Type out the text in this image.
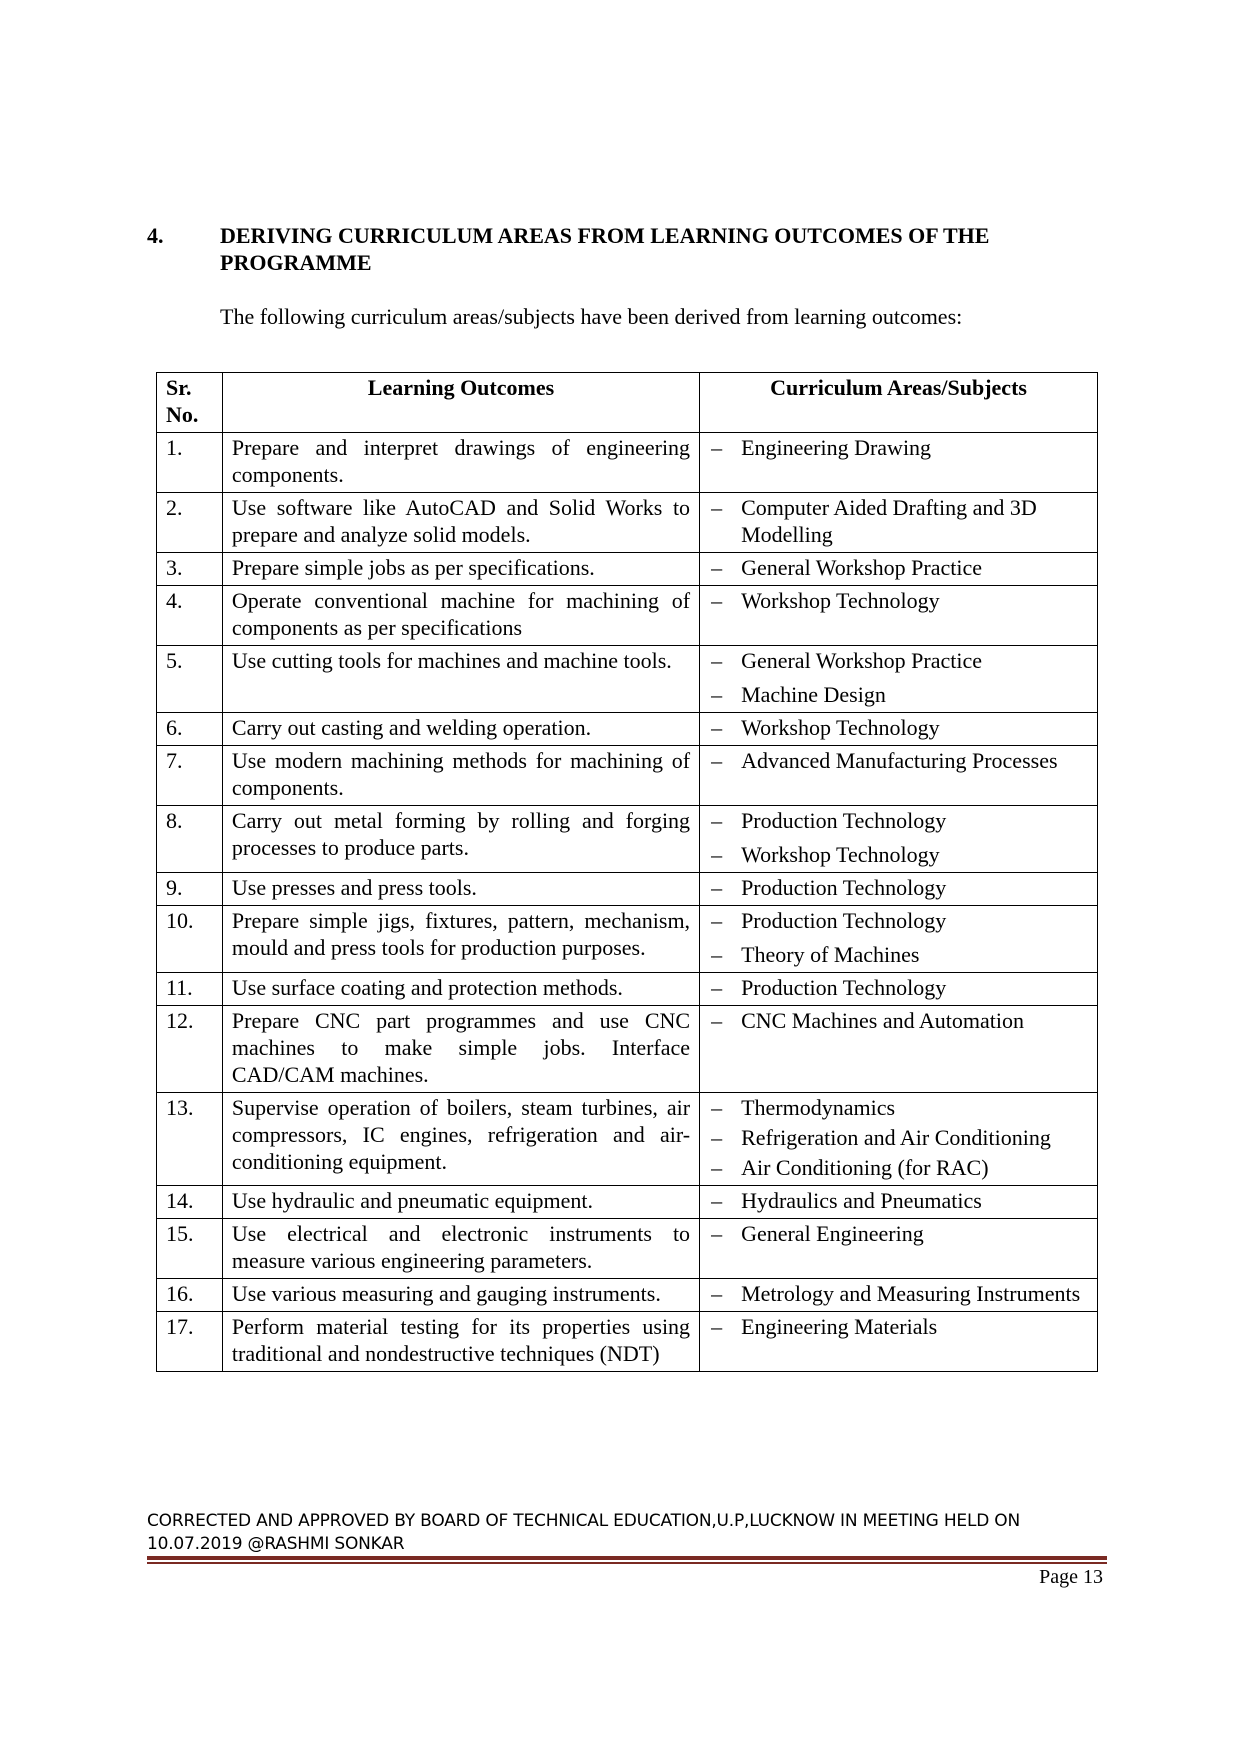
4.	DERIVING CURRICULUM AREAS FROM LEARNING OUTCOMES OF THE PROGRAMME
The following curriculum areas/subjects have been derived from learning outcomes:
Sr. No.	Learning Outcomes	Curriculum Areas/Subjects
1.	Prepare and interpret drawings of engineering components.	– Engineering Drawing

2.	Use software like AutoCAD and Solid Works to prepare and analyze solid models.	– Computer Aided Drafting and 3D Modelling

3.	Prepare simple jobs as per specifications.	– General Workshop Practice

4.	Operate conventional machine for machining of components as per specifications	– Workshop Technology

5.	Use cutting tools for machines and machine tools.	– General Workshop Practice
– Machine Design

6.	Carry out casting and welding operation.	– Workshop Technology

7.	Use modern machining methods for machining of components.	– Advanced Manufacturing Processes

8.	Carry out metal forming by rolling and forging processes to produce parts.	– Production Technology
– Workshop Technology

9.	Use presses and press tools.	– Production Technology

10.	Prepare simple jigs, fixtures, pattern, mechanism, mould and press tools for production purposes.	– Production Technology
– Theory of Machines

11.	Use surface coating and protection methods.	– Production Technology

12.	Prepare CNC part programmes and use CNC machines to make simple jobs. Interface CAD/CAM machines.	– CNC Machines and Automation

13.	Supervise operation of boilers, steam turbines, air compressors, IC engines, refrigeration and air-conditioning equipment.	– Thermodynamics
– Refrigeration and Air Conditioning
– Air Conditioning (for RAC)

14.	Use hydraulic and pneumatic equipment.	– Hydraulics and Pneumatics

15.	Use electrical and electronic instruments to measure various engineering parameters.	– General Engineering

16.	Use various measuring and gauging instruments.	– Metrology and Measuring Instruments

17.	Perform material testing for its properties using traditional and nondestructive techniques (NDT)	– Engineering Materials
CORRECTED AND APPROVED BY BOARD OF TECHNICAL EDUCATION,U.P,LUCKNOW IN MEETING HELD ON 10.07.2019 @RASHMI SONKAR
Page 13
